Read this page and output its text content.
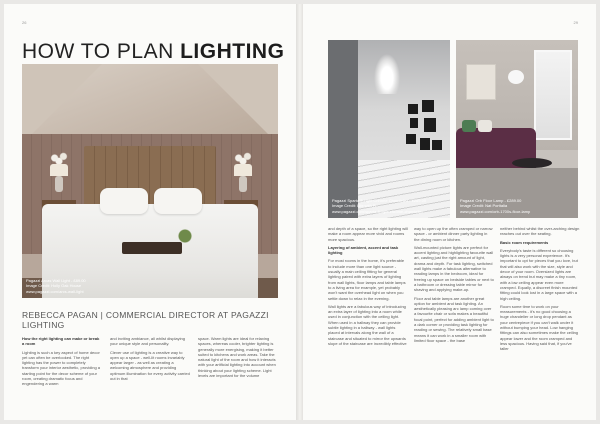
26
HOW TO PLAN LIGHTING
Pagazzi Arcas Wall Light - £89.00
Image Credit: Holly Oak House
www.pagazzi.com/arcs-wall-light
REBECCA PAGAN | COMMERCIAL DIRECTOR AT PAGAZZI LIGHTING

How the right lighting can make or break a room

Lighting is such a key aspect of home decor yet can often be overlooked. The right lighting has the power to completely transform your interior aesthetic, providing a starting point for the decor scheme of your room, creating dramatic focus and engendering a warm

and inviting ambiance, all whilst displaying your unique style and personality.

Clever use of lighting is a creative way to open up a space - well-lit rooms invariably appear larger - as well as creating a welcoming atmosphere and providing optimum illumination for every activity carried out in that

space. Warm lights are ideal for relaxing spaces, whereas cooler, brighter lighting is generally more energising, making it better suited to kitchens and work areas. Take the natural light of the room and how it interacts with your artificial lighting into account when thinking about your lighting scheme. Light levels are important for the volume

29
Pagazzi Sparta 8 Light Chrome Chandelier - £289.00
Image Credit: Life with Fi
www.pagazzi.com/sparta-8-light-chrome-chandelier
Pagazzi Orb Floor Lamp - £289.00
Image Credit: Nat Porttalia
www.pagazzi.com/orb-1700s-floor-lamp

and depth of a space, so the right lighting will make a room appear more vivid and rooms more spacious.

Layering of ambient, accent and task lighting

For most rooms in the home, it's preferable to include more than one light source - usually a main ceiling fitting for general lighting paired with extra layers of lighting from wall lights, floor lamps and table lamps to a living area for example, yet probably won't want the overhead light on when you settle down to relax in the evening.

Wall lights are a fabulous way of introducing an extra layer of lighting into a room while used in conjunction with the ceiling light. When used in a hallway they can provide subtle lighting in a hallway - wall lights placed at intervals along the wall of a staircase and situated to mirror the upwards slope of the staircase are incredibly effective

way to open up the often cramped or narrow space - or ambient dinner party lighting in the dining room or kitchen.

Wall-mounted picture lights are perfect for accent lighting and highlighting favourite wall art, casting just the right amount of light, drama and depth. For task lighting, switched wall lights make a fabulous alternative to reading lamps in the bedroom, ideal for freeing up space on bedside tables or next to a bathroom or dressing table mirror for shaving and applying make-up.

Floor and table lamps are another great option for ambient and task lighting. An aesthetically pleasing arc lamp coming over a favourite chair or sofa makes a beautiful focal point, perfect for adding ambient light to a dark corner or providing task lighting for reading or sewing. The relatively small base means it can work in a smaller room with limited floor space - the base

neither behind whilst the over-arching design reaches out over the seating.

Basic room requirements

Everybody's taste is different so choosing lights is a very personal experience. It's important to opt for pieces that you love, but that will also work with the size, style and decor of your room. Oversized lights are always on trend but may make a tiny room, with a low ceiling appear even more cramped. Equally, a discreet finish mounted fitting could look lost in a large space with a high ceiling.

Room some time to work on your measurements - it's no good choosing a huge chandelier or long drop pendant as your centrepiece if you can't walk under it without bumping your head. Low hanging fittings can also sometimes make the ceiling appear lower and the room cramped and less spacious. Having said that, if you've taller
